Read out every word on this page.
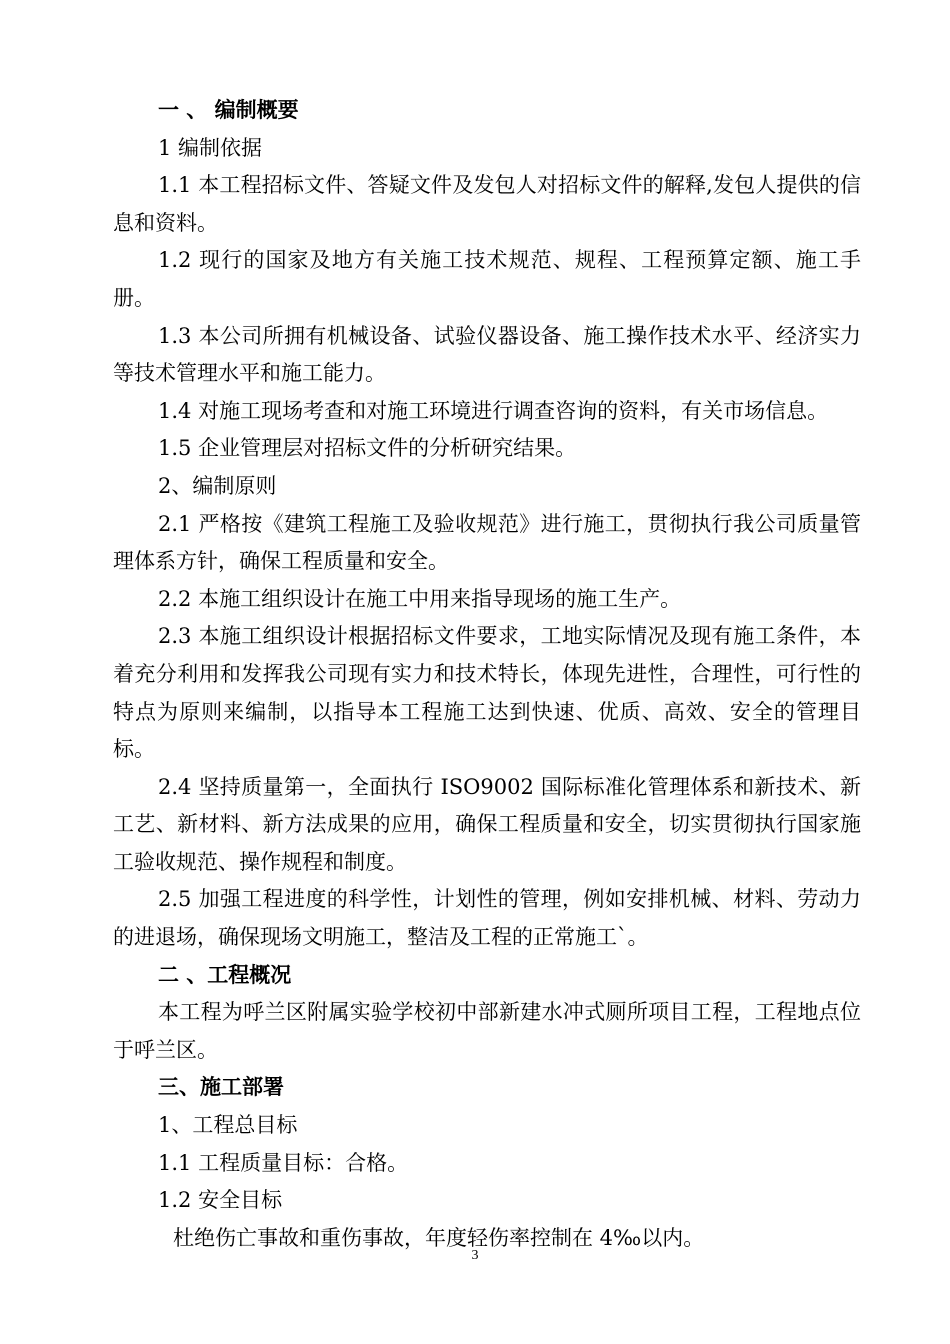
一 、 编制概要

1 编制依据

1.1 本工程招标文件、答疑文件及发包人对招标文件的解释,发包人提供的信息和资料。

1.2 现行的国家及地方有关施工技术规范、规程、工程预算定额、施工手册。

1.3 本公司所拥有机械设备、试验仪器设备、施工操作技术水平、经济实力等技术管理水平和施工能力。

1.4 对施工现场考查和对施工环境进行调查咨询的资料，有关市场信息。

1.5 企业管理层对招标文件的分析研究结果。

2、编制原则

2.1 严格按《建筑工程施工及验收规范》进行施工，贯彻执行我公司质量管理体系方针，确保工程质量和安全。

2.2 本施工组织设计在施工中用来指导现场的施工生产。

2.3 本施工组织设计根据招标文件要求，工地实际情况及现有施工条件，本着充分利用和发挥我公司现有实力和技术特长，体现先进性，合理性，可行性的特点为原则来编制，以指导本工程施工达到快速、优质、高效、安全的管理目标。

2.4 坚持质量第一，全面执行 ISO9002 国际标准化管理体系和新技术、新工艺、新材料、新方法成果的应用，确保工程质量和安全，切实贯彻执行国家施工验收规范、操作规程和制度。

2.5 加强工程进度的科学性，计划性的管理，例如安排机械、材料、劳动力的进退场，确保现场文明施工，整洁及工程的正常施工`。

二 、工程概况

本工程为呼兰区附属实验学校初中部新建水冲式厕所项目工程，工程地点位于呼兰区。

三、施工部署

1、工程总目标

1.1 工程质量目标：合格。

1.2 安全目标

杜绝伤亡事故和重伤事故，年度轻伤率控制在 4‰以内。

3
